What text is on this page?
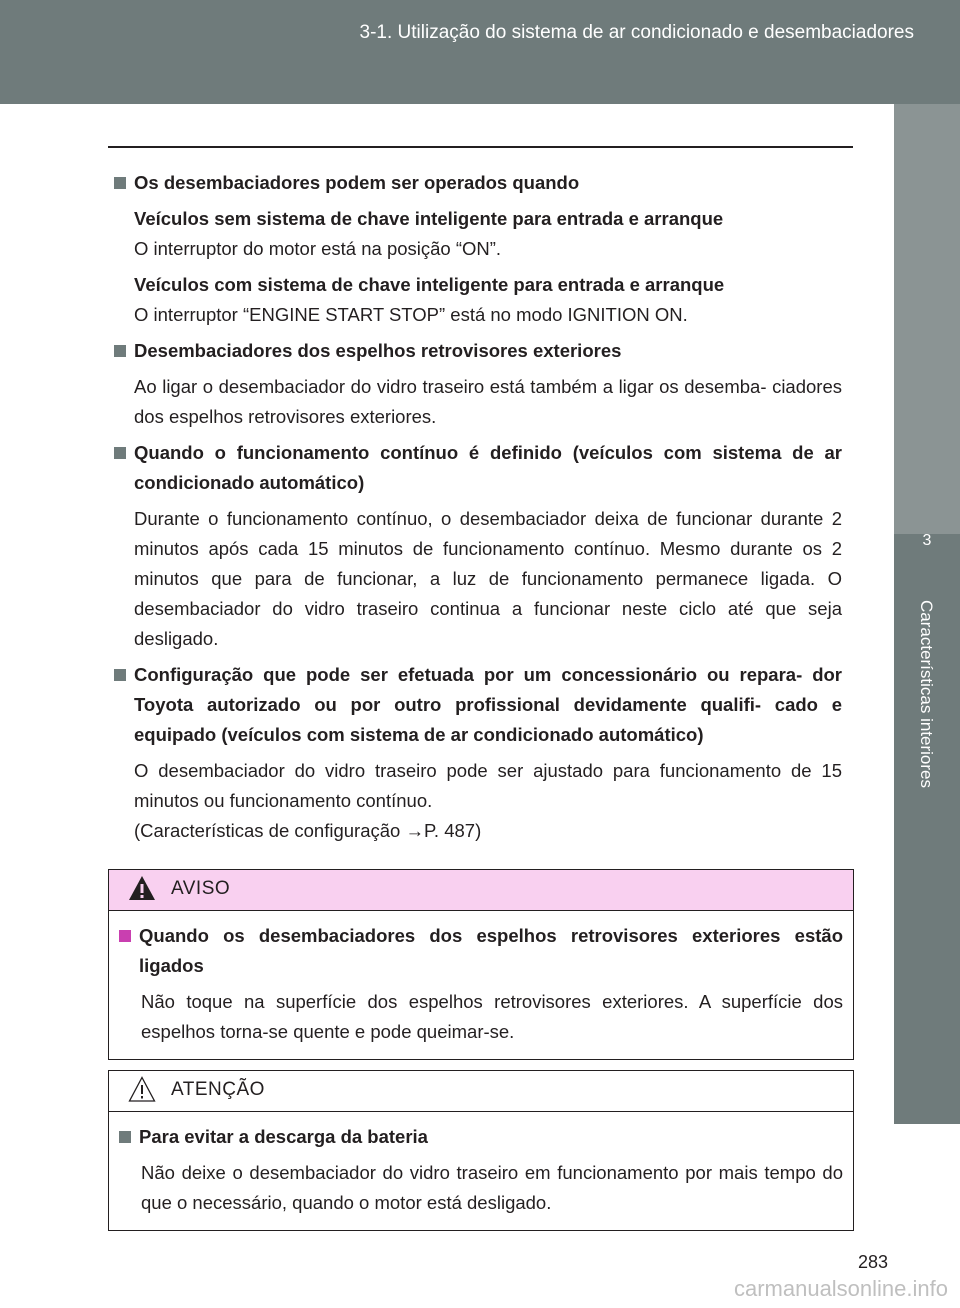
3-1. Utilização do sistema de ar condicionado e desembaciadores
3
Características interiores
Os desembaciadores podem ser operados quando
Veículos sem sistema de chave inteligente para entrada e arranque
O interruptor do motor está na posição “ON”.
Veículos com sistema de chave inteligente para entrada e arranque
O interruptor “ENGINE START STOP” está no modo IGNITION ON.
Desembaciadores dos espelhos retrovisores exteriores
Ao ligar o desembaciador do vidro traseiro está também a ligar os desemba- ciadores dos espelhos retrovisores exteriores.
Quando o funcionamento contínuo é definido (veículos com sistema de ar condicionado automático)
Durante o funcionamento contínuo, o desembaciador deixa de funcionar durante 2 minutos após cada 15 minutos de funcionamento contínuo. Mesmo durante os 2 minutos que para de funcionar, a luz de funcionamento permanece ligada. O desembaciador do vidro traseiro continua a funcionar neste ciclo até que seja desligado.
Configuração que pode ser efetuada por um concessionário ou repara- dor Toyota autorizado ou por outro profissional devidamente qualifi- cado e equipado (veículos com sistema de ar condicionado automático)
O desembaciador do vidro traseiro pode ser ajustado para funcionamento de 15 minutos ou funcionamento contínuo.
(Características de configuração →P. 487)
AVISO
Quando os desembaciadores dos espelhos retrovisores exteriores estão ligados
Não toque na superfície dos espelhos retrovisores exteriores. A superfície dos espelhos torna-se quente e pode queimar-se.
ATENÇÃO
Para evitar a descarga da bateria
Não deixe o desembaciador do vidro traseiro em funcionamento por mais tempo do que o necessário, quando o motor está desligado.
283
carmanualsonline.info
